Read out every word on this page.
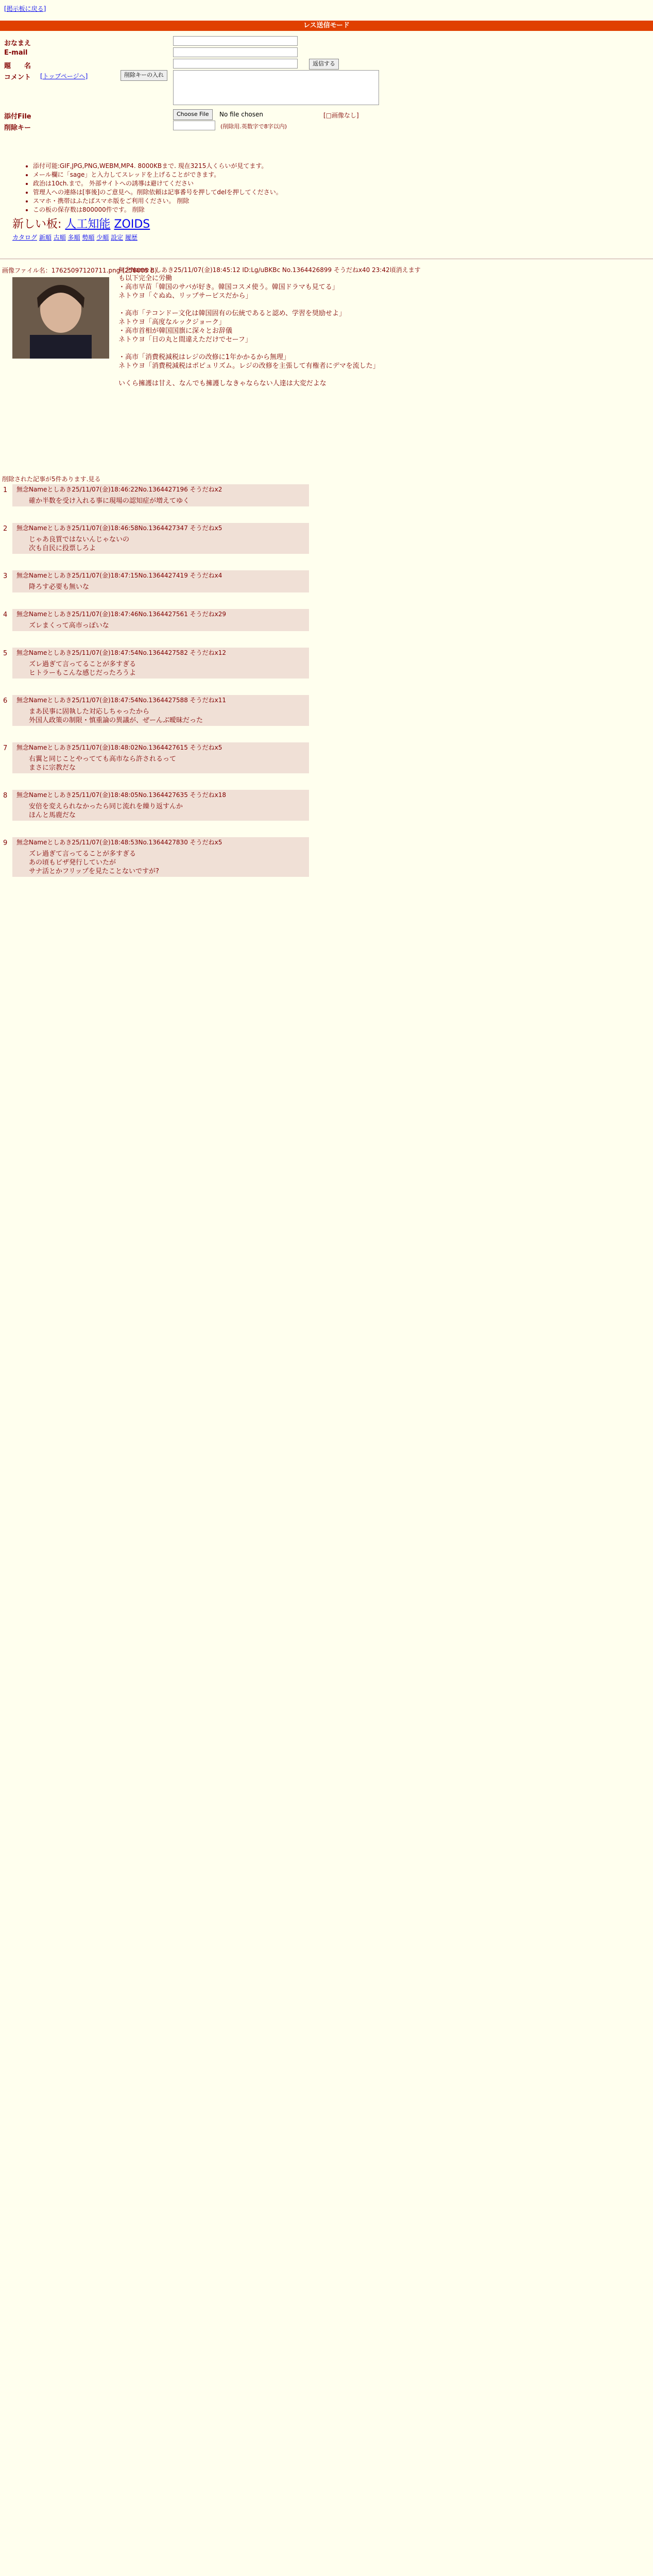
[掲示板に戻る]
レス送信モード
おなまえ
E-mail
題　　名	返信する
コメント [トップページへ]	削除キーの入れ
添付File	Choose File	No file chosen	[□画像なし]
削除キー	(削除用.英数字で8字以内)
• 添付可能:GIF,JPG,PNG,WEBM,MP4. 8000KBまで. 現在3215人くらいが見てます。
• メール欄に「sage」と入力してスレッドを上げることができます。
• 政治は10ch.まで。 外部サイトへの誘導は避けてください
• 管理人への連絡は[事後]のご意見へ。削除依頼は記事番号を押してdelを押してください。
• スマホ・携帯はふたばスマホ版をご利用ください。 削除
• この板の保存数は800000件です。 削除
新しい板: 人工知能 ZOIDS
カタログ 新順 古順 多順 勢順 少順 設定 履歴
画像ファイル名：17625097120711.png-(258005 B)
無念Nameとしあき25/11/07(金)18:45:12 ID:Lg/uBKBc No.1364426899 そうだねx40 23:42頃消えます
も以下完全に労働
・高市早苗「韓国のサバが好き。韓国コスメ使う。韓国ドラマも見てる」
ネトウヨ「ぐぬぬ、リップサービスだから」
・高市「テコンドー文化は韓国固有の伝統であると認め、学習を奨励せよ」
ネトウヨ「高度なルックジョーク」
・高市首相が韓国国旗に深々とお辞儀
ネトウヨ「日の丸と間違えただけでセーフ」
・高市「消費税減税はレジの改修に1年かかるから無理」
ネトウヨ「消費税減税はポピュリズム。レジの改修を主張して有権者にデマを流した」
いくら擁護は甘え、なんでも擁護しなきゃならない人達は大変だよな
削除された記事が5件あります.見る
1 無念Nameとしあき25/11/07(金)18:46:22No.1364427196 そうだねx2
確か半数を受け入れる事に現場の認知症が増えてゆく
2 無念Nameとしあき25/11/07(金)18:46:58No.1364427347 そうだねx5
じゃあ良質ではないんじゃないの
次も自民に投票しろよ
3 無念Nameとしあき25/11/07(金)18:47:15No.1364427419 そうだねx4
降ろす必要も無いな
4 無念Nameとしあき25/11/07(金)18:47:46No.1364427561 そうだねx29
ズレまくって高市っぽいな
5 無念Nameとしあき25/11/07(金)18:47:54No.1364427582 そうだねx12
ズレ過ぎて言ってることが多すぎる
ヒトラーもこんな感じだったろうよ
6 無念Nameとしあき25/11/07(金)18:47:54No.1364427588 そうだねx11
まあ民事に固執した対応しちゃったから
外国人政策の制限・慎重論の異議が、ぜーんぶ曖昧だった
7 無念Nameとしあき25/11/07(金)18:48:02No.1364427615 そうだねx5
右翼と同じことやってても高市なら許されるって
まさに宗教だな
8 無念Nameとしあき25/11/07(金)18:48:05No.1364427635 そうだねx18
安倍を変えられなかったら同じ流れを繰り返すんか
ほんと馬鹿だな
9 無念Nameとしあき25/11/07(金)18:48:53No.1364427830 そうだねx5
ズレ過ぎて言ってることが多すぎる
あの頃もビザ発行していたが
サナ活とかフリップを見たことないですが?
